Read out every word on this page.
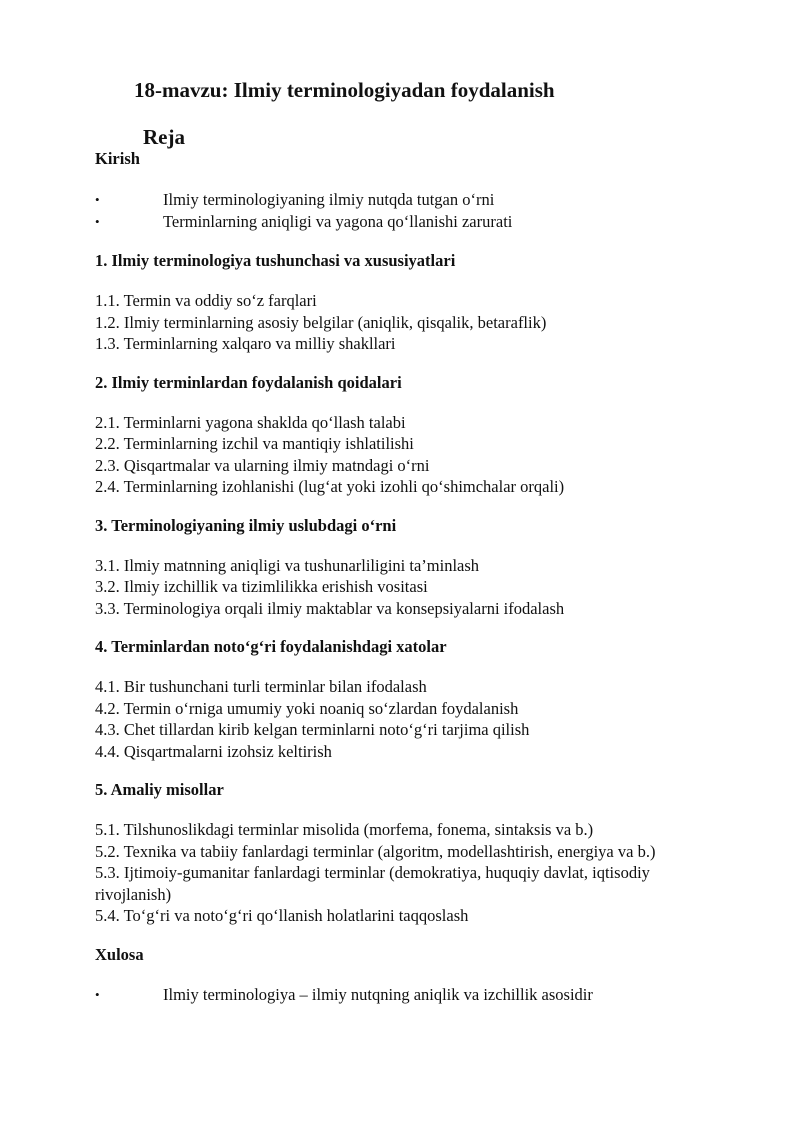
18-mavzu: Ilmiy terminologiyadan foydalanish
Reja
Kirish
•	Ilmiy terminologiyaning ilmiy nutqda tutgan o‘rni
•	Terminlarning aniqligi va yagona qo‘llanishi zarurati
1. Ilmiy terminologiya tushunchasi va xususiyatlari
1.1. Termin va oddiy so‘z farqlari
1.2. Ilmiy terminlarning asosiy belgilar (aniqlik, qisqalik, betaraflik)
1.3. Terminlarning xalqaro va milliy shakllari
2. Ilmiy terminlardan foydalanish qoidalari
2.1. Terminlarni yagona shaklda qo‘llash talabi
2.2. Terminlarning izchil va mantiqiy ishlatilishi
2.3. Qisqartmalar va ularning ilmiy matndagi o‘rni
2.4. Terminlarning izohlanishi (lug‘at yoki izohli qo‘shimchalar orqali)
3. Terminologiyaning ilmiy uslubdagi o‘rni
3.1. Ilmiy matnning aniqligi va tushunarliligini ta’minlash
3.2. Ilmiy izchillik va tizimlilikka erishish vositasi
3.3. Terminologiya orqali ilmiy maktablar va konsepsiyalarni ifodalash
4. Terminlardan noto‘g‘ri foydalanishdagi xatolar
4.1. Bir tushunchani turli terminlar bilan ifodalash
4.2. Termin o‘rniga umumiy yoki noaniq so‘zlardan foydalanish
4.3. Chet tillardan kirib kelgan terminlarni noto‘g‘ri tarjima qilish
4.4. Qisqartmalarni izohsiz keltirish
5. Amaliy misollar
5.1. Tilshunoslikdagi terminlar misolida (morfema, fonema, sintaksis va b.)
5.2. Texnika va tabiiy fanlardagi terminlar (algoritm, modellashtirish, energiya va b.)
5.3. Ijtimoiy-gumanitar fanlardagi terminlar (demokratiya, huquqiy davlat, iqtisodiy
rivojlanish)
5.4. To‘g‘ri va noto‘g‘ri qo‘llanish holatlarini taqqoslash
Xulosa
•	Ilmiy terminologiya – ilmiy nutqning aniqlik va izchillik asosidir
